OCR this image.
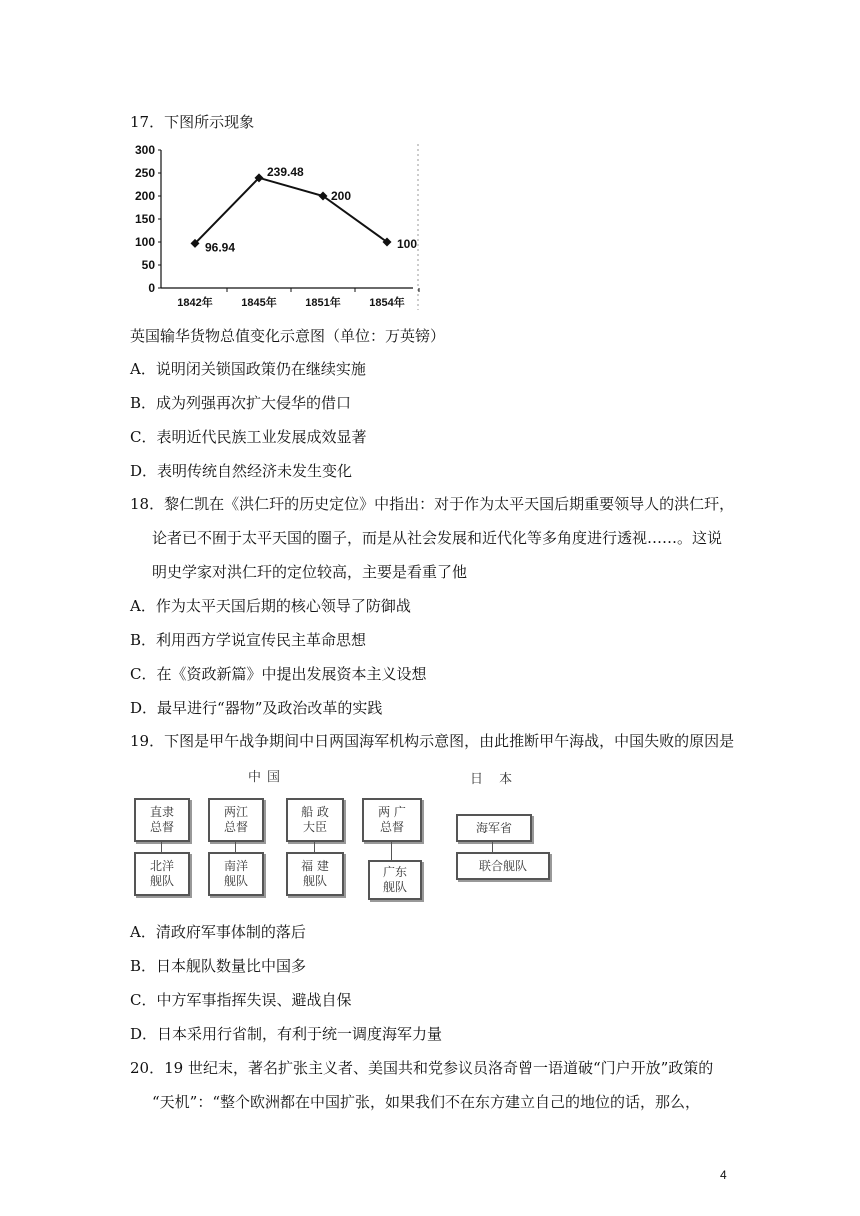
17．下图所示现象
0
50
100
150
200
250
300
1842年	1845年	1851年	1854年
96.94
239.48
200
100
英国输华货物总值变化示意图（单位：万英镑）
A．说明闭关锁国政策仍在继续实施
B．成为列强再次扩大侵华的借口
C．表明近代民族工业发展成效显著
D．表明传统自然经济未发生变化
18．黎仁凯在《洪仁玕的历史定位》中指出：对于作为太平天国后期重要领导人的洪仁玕，
论者已不囿于太平天国的圈子，而是从社会发展和近代化等多角度进行透视……。这说
明史学家对洪仁玕的定位较高，主要是看重了他
A．作为太平天国后期的核心领导了防御战
B．利用西方学说宣传民主革命思想
C．在《资政新篇》中提出发展资本主义设想
D．最早进行“器物”及政治改革的实践
19．下图是甲午战争期间中日两国海军机构示意图，由此推断甲午海战，中国失败的原因是
中国	日 本
直隶
总督
两江
总督
船 政
大臣
两 广
总督
北洋
舰队
南洋
舰队
福 建
舰队
广东
舰队
海军省
联合舰队
A．清政府军事体制的落后
B．日本舰队数量比中国多
C．中方军事指挥失误、避战自保
D．日本采用行省制，有利于统一调度海军力量
20．19 世纪末，著名扩张主义者、美国共和党参议员洛奇曾一语道破“门户开放”政策的
“天机”：“整个欧洲都在中国扩张，如果我们不在东方建立自己的地位的话，那么，
4
